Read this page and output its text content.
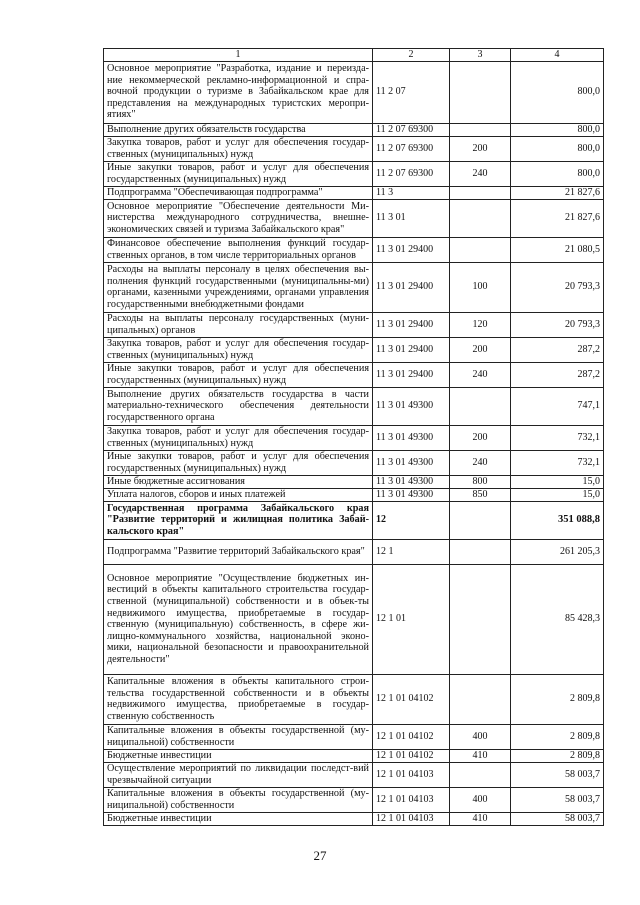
1	2	3	4
Основное мероприятие "Разработка, издание и переизда-ние некоммерческой рекламно-информационной и спра-вочной продукции о туризме в Забайкальском крае для представления на международных туристских меропри-ятиях"	11 2 07		800,0
Выполнение других обязательств государства	11 2 07 69300		800,0
Закупка товаров, работ и услуг для обеспечения государ-ственных (муниципальных) нужд	11 2 07 69300	200	800,0
Иные закупки товаров, работ и услуг для обеспечения государственных (муниципальных) нужд	11 2 07 69300	240	800,0
Подпрограмма "Обеспечивающая подпрограмма"	11 3		21 827,6
Основное мероприятие "Обеспечение деятельности Ми-нистерства международного сотрудничества, внешне-экономических связей и туризма Забайкальского края"	11 3 01		21 827,6
Финансовое обеспечение выполнения функций государ-ственных органов, в том числе территориальных органов	11 3 01 29400		21 080,5
Расходы на выплаты персоналу в целях обеспечения вы-полнения функций государственными (муниципальны-ми) органами, казенными учреждениями, органами управления государственными внебюджетными фондами	11 3 01 29400	100	20 793,3
Расходы на выплаты персоналу государственных (муни-ципальных) органов	11 3 01 29400	120	20 793,3
Закупка товаров, работ и услуг для обеспечения государ-ственных (муниципальных) нужд	11 3 01 29400	200	287,2
Иные закупки товаров, работ и услуг для обеспечения государственных (муниципальных) нужд	11 3 01 29400	240	287,2
Выполнение других обязательств государства в части материально-технического обеспечения деятельности государственного органа	11 3 01 49300		747,1
Закупка товаров, работ и услуг для обеспечения государ-ственных (муниципальных) нужд	11 3 01 49300	200	732,1
Иные закупки товаров, работ и услуг для обеспечения государственных (муниципальных) нужд	11 3 01 49300	240	732,1
Иные бюджетные ассигнования	11 3 01 49300	800	15,0
Уплата налогов, сборов и иных платежей	11 3 01 49300	850	15,0
Государственная программа Забайкальского края "Развитие территорий и жилищная политика Забай-кальского края"	12		351 088,8
Подпрограмма "Развитие территорий Забайкальского края"	12 1		261 205,3
Основное мероприятие "Осуществление бюджетных ин-вестиций в объекты капитального строительства государ-ственной (муниципальной) собственности и в объек-ты недвижимого имущества, приобретаемые в государ-ственную (муниципальную) собственность, в сфере жи-лищно-коммунального хозяйства, национальной эконо-мики, национальной безопасности и правоохранительной деятельности"	12 1 01		85 428,3
Капитальные вложения в объекты капитального строи-тельства государственной собственности и в объекты недвижимого имущества, приобретаемые в государ-ственную собственность	12 1 01 04102		2 809,8
Капитальные вложения в объекты государственной (му-ниципальной) собственности	12 1 01 04102	400	2 809,8
Бюджетные инвестиции	12 1 01 04102	410	2 809,8
Осуществление мероприятий по ликвидации последст-вий чрезвычайной ситуации	12 1 01 04103		58 003,7
Капитальные вложения в объекты государственной (му-ниципальной) собственности	12 1 01 04103	400	58 003,7
Бюджетные инвестиции	12 1 01 04103	410	58 003,7
27
